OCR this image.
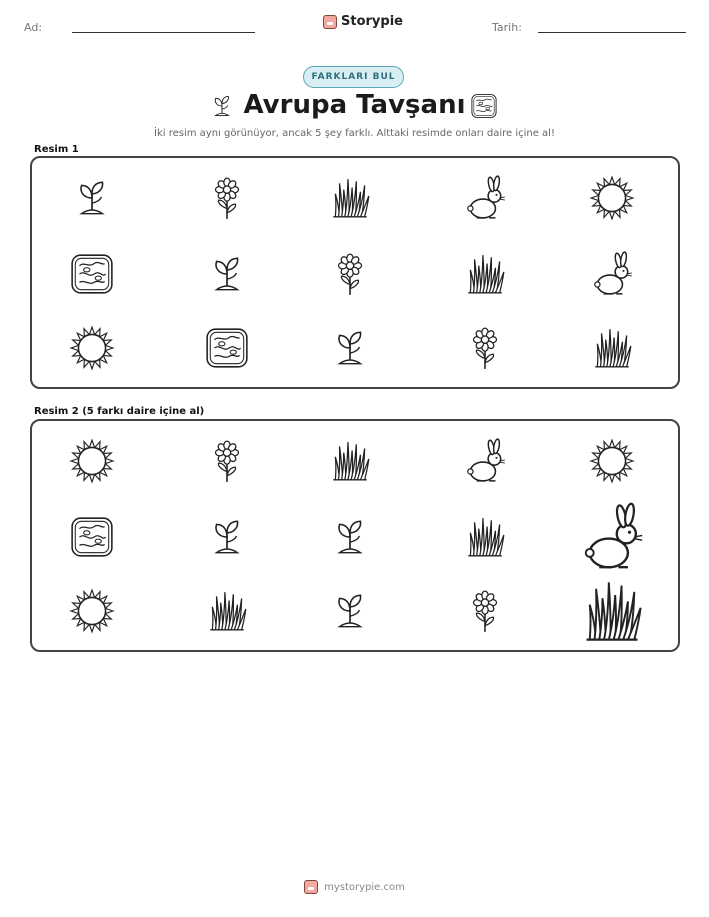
Ad:	Storypie	Tarih:
FARKLARI BUL
Avrupa Tavşanı
İki resim aynı görünüyor, ancak 5 şey farklı. Alttaki resimde onları daire içine al!
Resim 1
Resim 2 (5 farkı daire içine al)
mystorypie.com
